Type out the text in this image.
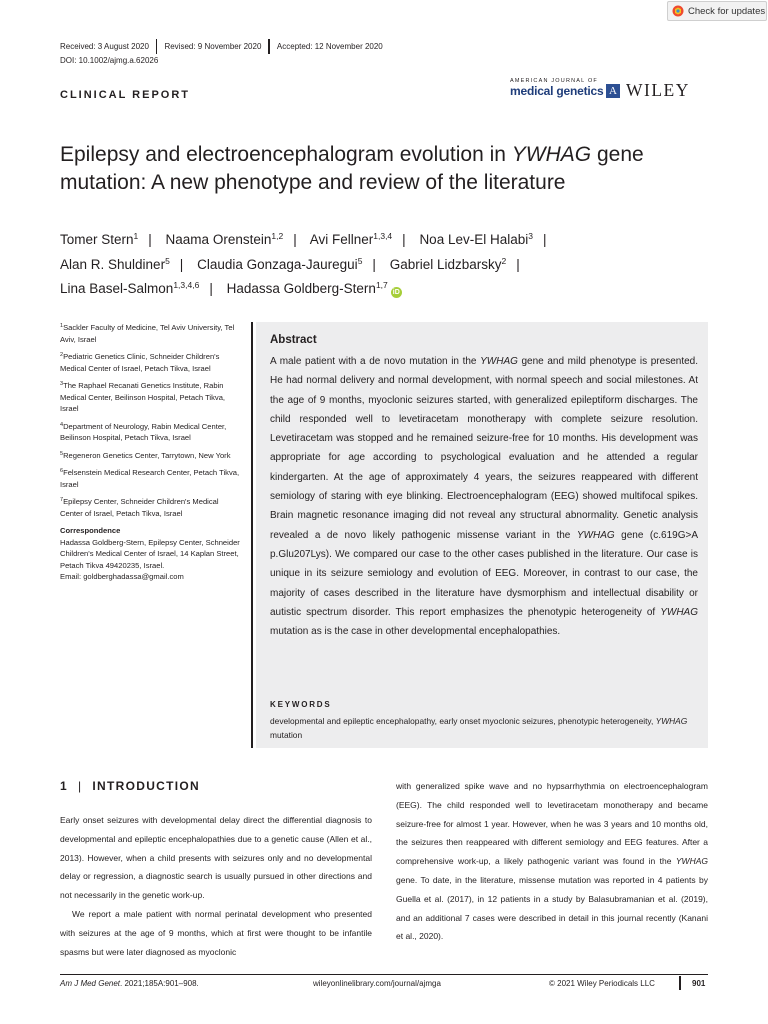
Check for updates
Received: 3 August 2020 Revised: 9 November 2020 Accepted: 12 November 2020
DOI: 10.1002/ajmg.a.62026
CLINICAL REPORT
AMERICAN JOURNAL OF
medical genetics A WILEY
Epilepsy and electroencephalogram evolution in YWHAG gene mutation: A new phenotype and review of the literature
Tomer Stern$^1$ | Naama Orenstein$^{1,2}$ | Avi Fellner$^{1,3,4}$ | Noa Lev-El Halabi$^3$ |
Alan R. Shuldiner$^5$ | Claudia Gonzaga-Jauregui$^5$ | Gabriel Lidzbarsky$^2$ |
Lina Basel-Salmon$^{1,3,4,6}$ | Hadassa Goldberg-Stern$^{1,7}$iD

$^1$Sackler Faculty of Medicine, Tel Aviv University, Tel Aviv, Israel

$^2$Pediatric Genetics Clinic, Schneider Children's Medical Center of Israel, Petach Tikva, Israel

$^3$The Raphael Recanati Genetics Institute, Rabin Medical Center, Beilinson Hospital, Petach Tikva, Israel

$^4$Department of Neurology, Rabin Medical Center, Beilinson Hospital, Petach Tikva, Israel

$^5$Regeneron Genetics Center, Tarrytown, New York

$^6$Felsenstein Medical Research Center, Petach Tikva, Israel

$^7$Epilepsy Center, Schneider Children's Medical Center of Israel, Petach Tikva, Israel

Correspondence
Hadassa Goldberg-Stern, Epilepsy Center, Schneider Children's Medical Center of Israel, 14 Kaplan Street, Petach Tikva 49420235, Israel.
Email: goldberghadassa@gmail.com
Abstract
A male patient with a de novo mutation in the YWHAG gene and mild phenotype is presented. He had normal delivery and normal development, with normal speech and social milestones. At the age of 9 months, myoclonic seizures started, with generalized epileptiform discharges. The child responded well to levetiracetam monotherapy with complete seizure resolution. Levetiracetam was stopped and he remained seizure-free for 10 months. His development was appropriate for age according to psychological evaluation and he attended a regular kindergarten. At the age of approximately 4 years, the seizures reappeared with different semiology of staring with eye blinking. Electroencephalogram (EEG) showed multifocal spikes. Brain magnetic resonance imaging did not reveal any structural abnormality. Genetic analysis revealed a de novo likely pathogenic missense variant in the YWHAG gene (c.619G>A p.Glu207Lys). We compared our case to the other cases published in the literature. Our case is unique in its seizure semiology and evolution of EEG. Moreover, in contrast to our case, the majority of cases described in the literature have dysmorphism and intellectual disability or autistic spectrum disorder. This report emphasizes the phenotypic heterogeneity of YWHAG mutation as is the case in other developmental encephalopathies.
KEYWORDS
developmental and epileptic encephalopathy, early onset myoclonic seizures, phenotypic heterogeneity, YWHAG mutation
1 | INTRODUCTION

Early onset seizures with developmental delay direct the differential diagnosis to developmental and epileptic encephalopathies due to a genetic cause (Allen et al., 2013). However, when a child presents with seizures only and no developmental delay or regression, a diagnostic search is usually pursued in other directions and not necessarily in the genetic work-up.

We report a male patient with normal perinatal development who presented with seizures at the age of 9 months, which at first were thought to be infantile spasms but were later diagnosed as myoclonic

with generalized spike wave and no hypsarrhythmia on electroencephalogram (EEG). The child responded well to levetiracetam monotherapy and became seizure-free for almost 1 year. However, when he was 3 years and 10 months old, the seizures then reappeared with different semiology and EEG features. After a comprehensive work-up, a likely pathogenic variant was found in the YWHAG gene. To date, in the literature, missense mutation was reported in 4 patients by Guella et al. (2017), in 12 patients in a study by Balasubramanian et al. (2019), and an additional 7 cases were described in detail in this journal recently (Kanani et al., 2020).

Am J Med Genet. 2021;185A:901–908.	wileyonlinelibrary.com/journal/ajmga	© 2021 Wiley Periodicals LLC	901
